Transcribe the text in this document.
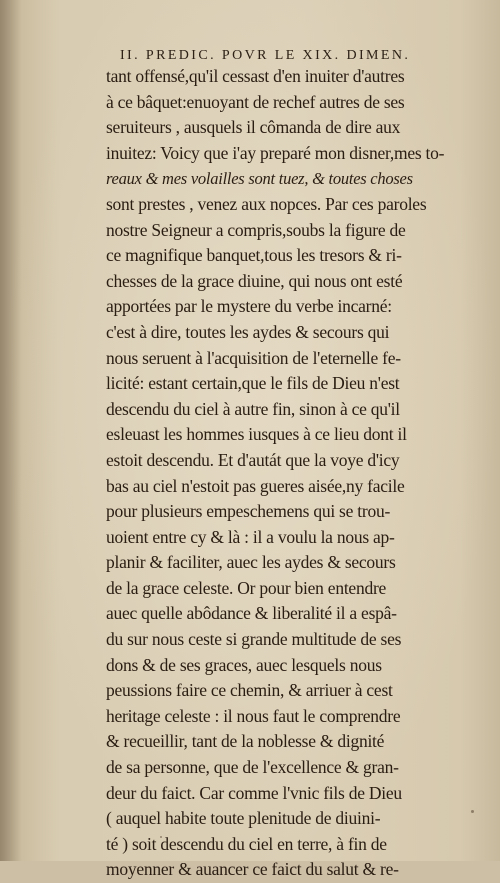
II. PREDIC. POVR LE XIX. DIMEN.
tant offensé,qu'il cessast d'en inuiter d'autres
à ce bâquet:enuoyant de rechef autres de ses
seruiteurs , ausquels il cômanda de dire aux
inuitez: Voicy que i'ay preparé mon disner,mes to-
reaux & mes volailles sont tuez, & toutes choses
sont prestes , venez aux nopces. Par ces paroles
nostre Seigneur a compris,soubs la figure de
ce magnifique banquet,tous les tresors & ri-
chesses de la grace diuine, qui nous ont esté
apportées par le mystere du verbe incarné:
c'est à dire, toutes les aydes & secours qui
nous seruent à l'acquisition de l'eternelle fe-
licité: estant certain,que le fils de Dieu n'est
descendu du ciel à autre fin, sinon à ce qu'il
esleuast les hommes iusques à ce lieu dont il
estoit descendu. Et d'autát que la voye d'icy
bas au ciel n'estoit pas gueres aisée,ny facile
pour plusieurs empeschemens qui se trou-
uoient entre cy & là : il a voulu la nous ap-
planir & faciliter, auec les aydes & secours
de la grace celeste. Or pour bien entendre
auec quelle abôdance & liberalité il a espâ-
du sur nous ceste si grande multitude de ses
dons & de ses graces, auec lesquels nous
peussions faire ce chemin, & arriuer à cest
heritage celeste : il nous faut le comprendre
& recueillir, tant de la noblesse & dignité
de sa personne, que de l'excellence & gran-
deur du faict. Car comme l'vnic fils de Dieu
( auquel habite toute plenitude de diuini-
té ) soit descendu du ciel en terre, à fin de
moyenner & auancer ce faict du salut & re-
